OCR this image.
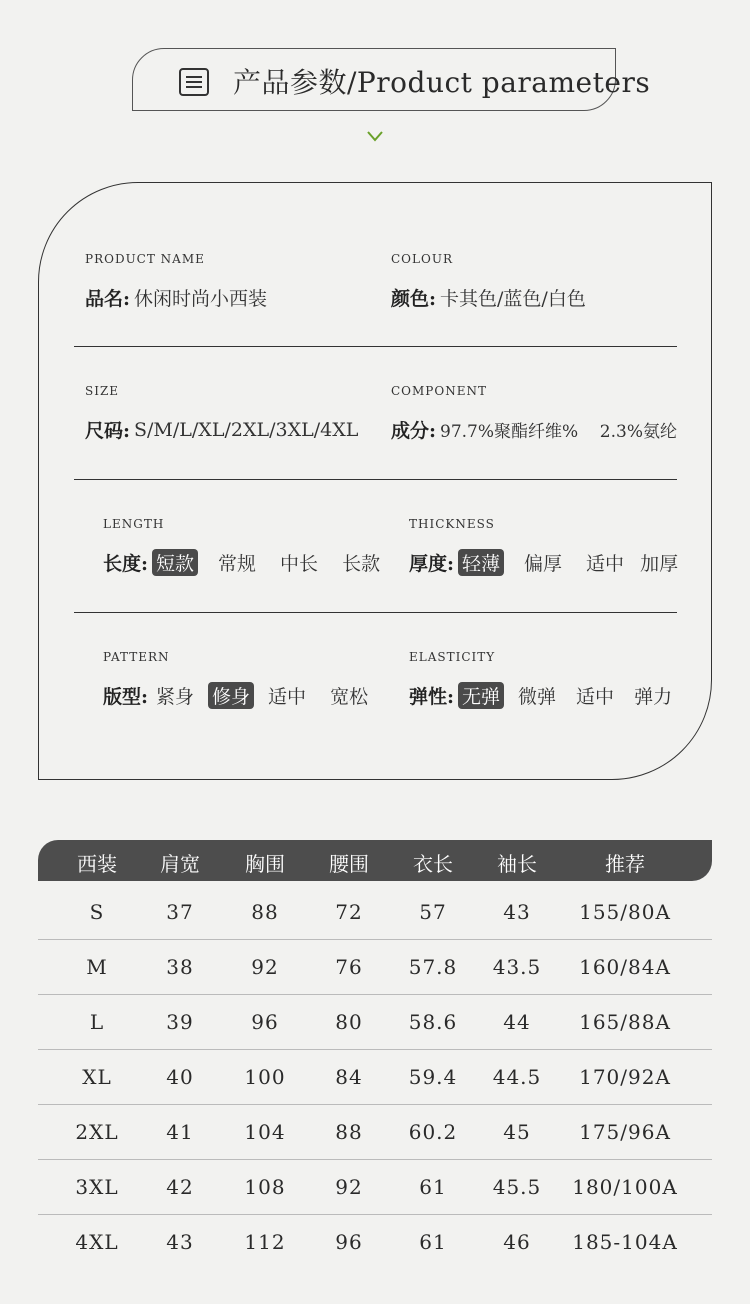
产品参数/Product parameters
PRODUCT NAME
品名: 休闲时尚小西装
COLOUR
颜色: 卡其色/蓝色/白色
SIZE
尺码: S/M/L/XL/2XL/3XL/4XL
COMPONENT
成分: 97.7%聚酯纤维%    2.3%氨纶
LENGTH
长度: 短款 常规 中长 长款
THICKNESS
厚度: 轻薄 偏厚 适中 加厚
PATTERN
版型: 紧身 修身 适中 宽松
ELASTICITY
弹性: 无弹 微弹 适中 弹力
西装 肩宽 胸围 腰围 衣长 袖长	推荐
S	37	88	72	57	43 155/80A
M	38	92	76 57.8 43.5 160/84A
L	39	96	80 58.6 44 165/88A
XL	40	100 84 59.4 44.5 170/92A
2XL 41	104 88 60.2 45 175/96A
3XL 42	108 92	61 45.5 180/100A
4XL 43	112 96	61	46 185-104A
